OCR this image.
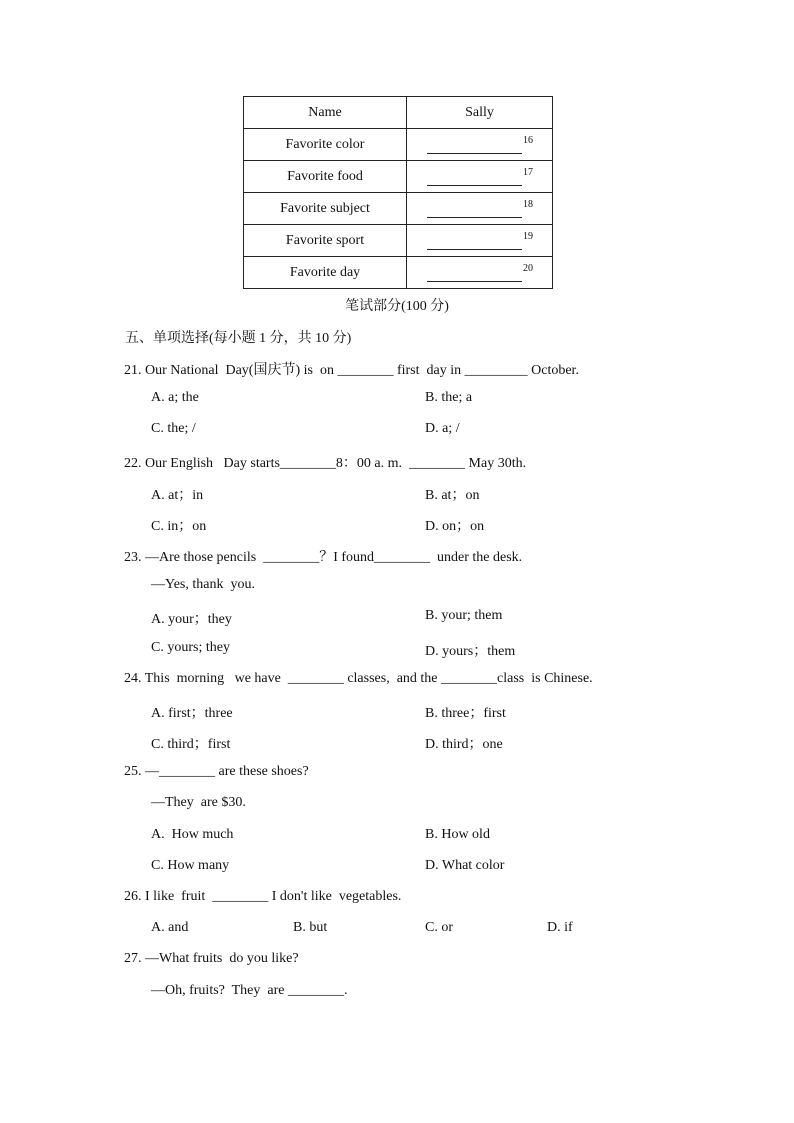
Name	Sally
Favorite color	16

Favorite food	17

Favorite subject	18

Favorite sport	19

Favorite day	20
笔试部分(100 分)
五、单项选择(每小题 1 分，共 10 分)
21. Our National  Day(国庆节) is  on ________ first  day in _________ October.
A. a; the	B. the; a
C. the; /	D. a; /
22. Our English   Day starts________8：00 a. m.  ________ May 30th.
A. at；in	B. at；on
C. in；on	D. on；on
23. —Are those pencils  ________？I found________  under the desk.
—Yes, thank  you.
A. your；they	B. your; them
C. yours; they	D. yours；them
24. This  morning   we have  ________ classes,  and the ________class  is Chinese.
A. first；three	B. three；first
C. third；first	D. third；one
25. —________ are these shoes?
—They  are $30.
A.  How much	B. How old
C. How many	D. What color
26. I like  fruit  ________ I don't like  vegetables.
A. and	B. but	C. or	D. if
27. —What fruits  do you like?
—Oh, fruits?  They  are ________.
